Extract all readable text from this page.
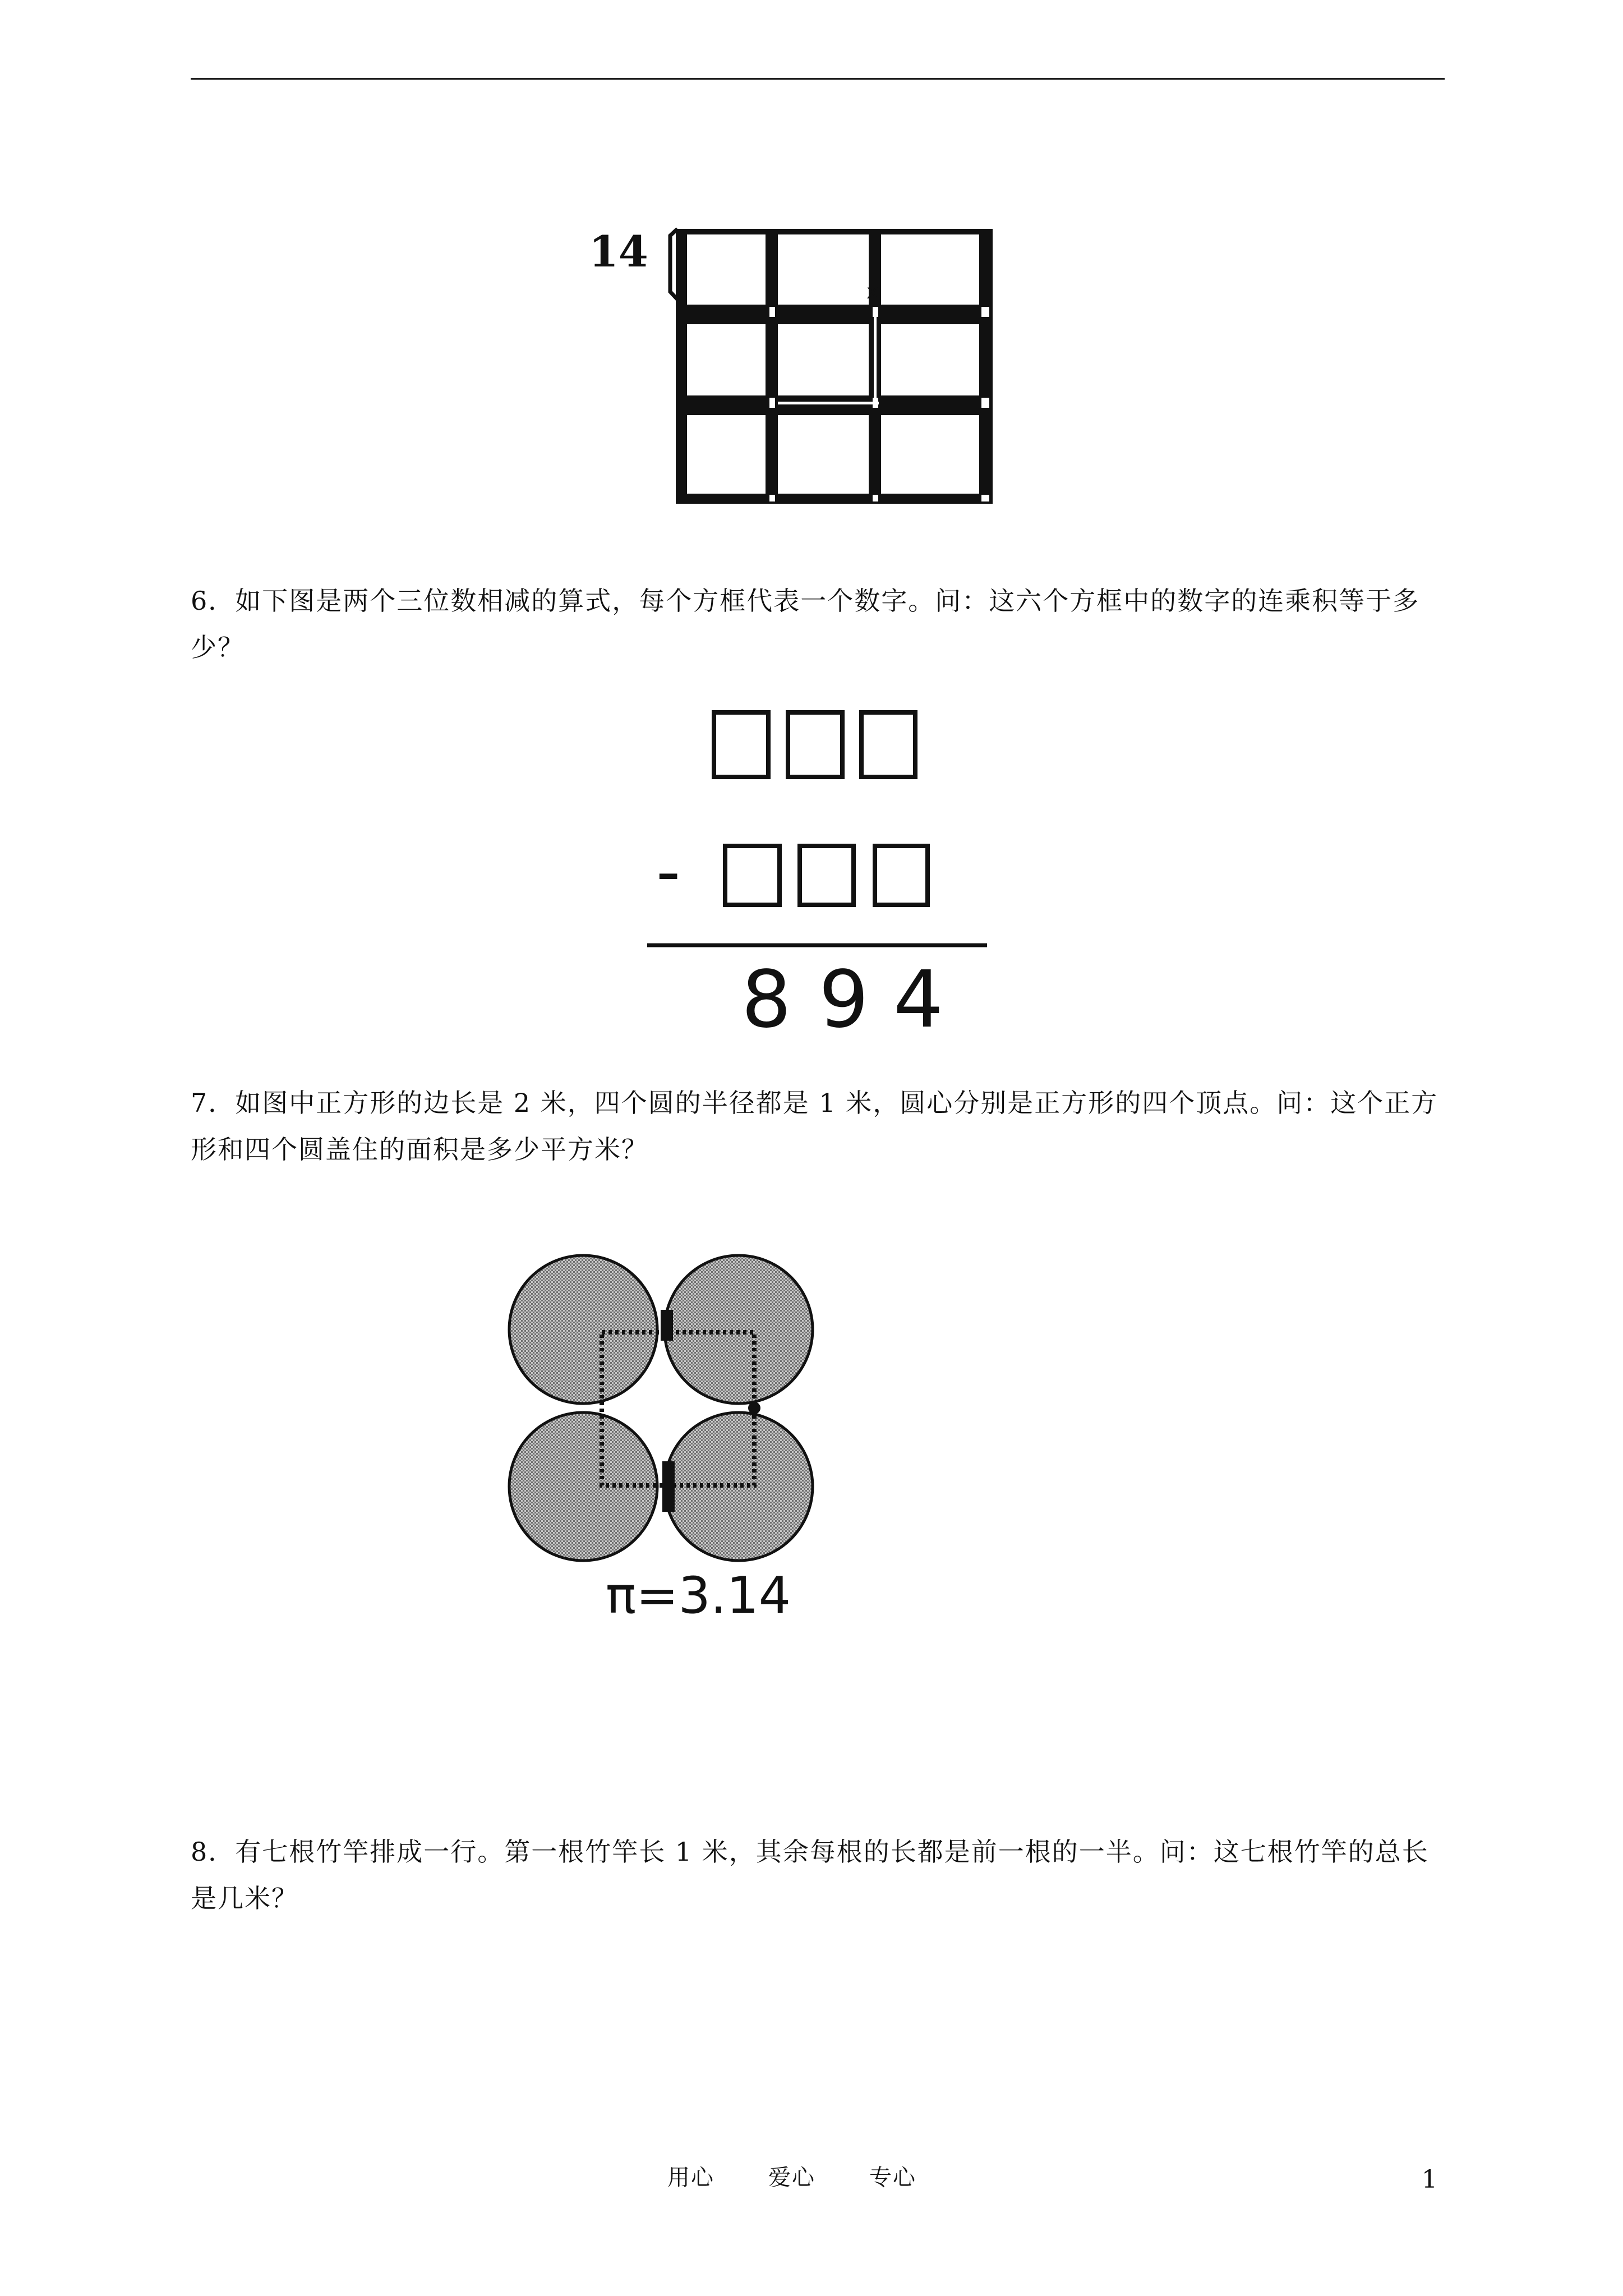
14
x

6．如下图是两个三位数相减的算式，每个方框代表一个数字。问：这六个方框中的数字的连乘积等于多少？

-
8 9 4

7．如图中正方形的边长是 2 米，四个圆的半径都是 1 米，圆心分别是正方形的四个顶点。问：这个正方形和四个圆盖住的面积是多少平方米？

π=3.14

8．有七根竹竿排成一行。第一根竹竿长 1 米，其余每根的长都是前一根的一半。问：这七根竹竿的总长是几米？

用心 爱心 专心	1
